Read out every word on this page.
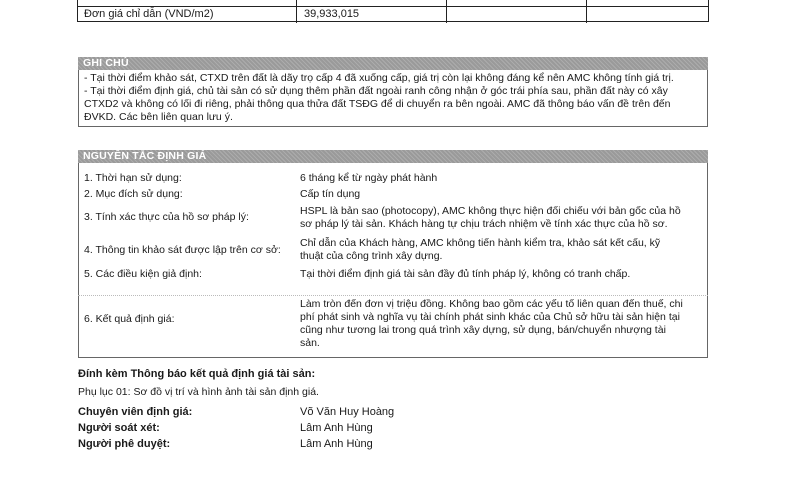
Đơn giá chỉ dẫn (VND/m2)	39,933,015
GHI CHÚ
- Tại thời điểm khảo sát, CTXD trên đất là dãy trọ cấp 4 đã xuống cấp, giá trị còn lại không đáng kể nên AMC không tính giá trị.
- Tại thời điểm định giá, chủ tài sản có sử dụng thêm phần đất ngoài ranh công nhận ở góc trái phía sau, phần đất này có xây
CTXD2 và không có lối đi riêng, phải thông qua thửa đất TSĐG để di chuyển ra bên ngoài. AMC đã thông báo vấn đề trên đến
ĐVKD. Các bên liên quan lưu ý.
NGUYÊN TẮC ĐỊNH GIÁ
1. Thời hạn sử dụng:	6 tháng kể từ ngày phát hành
2. Mục đích sử dụng:	Cấp tín dụng
3. Tính xác thực của hồ sơ pháp lý:	HSPL là bản sao (photocopy), AMC không thực hiện đối chiếu với bản gốc của hồ
sơ pháp lý tài sản. Khách hàng tự chịu trách nhiệm về tính xác thực của hồ sơ.
4. Thông tin khảo sát được lập trên cơ sở:
Chỉ dẫn của Khách hàng, AMC không tiến hành kiểm tra, khảo sát kết cấu, kỹ
thuật của công trình xây dựng.
5. Các điều kiện giả định:	Tại thời điểm định giá tài sản đầy đủ tính pháp lý, không có tranh chấp.
6. Kết quả định giá:
Làm tròn đến đơn vị triệu đồng. Không bao gồm các yếu tố liên quan đến thuế, chi
phí phát sinh và nghĩa vụ tài chính phát sinh khác của Chủ sở hữu tài sản hiện tại
cũng như tương lai trong quá trình xây dựng, sử dụng, bán/chuyển nhượng tài
sản.
Đính kèm Thông báo kết quả định giá tài sản:
Phụ lục 01: Sơ đồ vị trí và hình ảnh tài sản định giá.
Chuyên viên định giá:	Võ Văn Huy Hoàng
Người soát xét:	Lâm Anh Hùng
Người phê duyệt:	Lâm Anh Hùng
